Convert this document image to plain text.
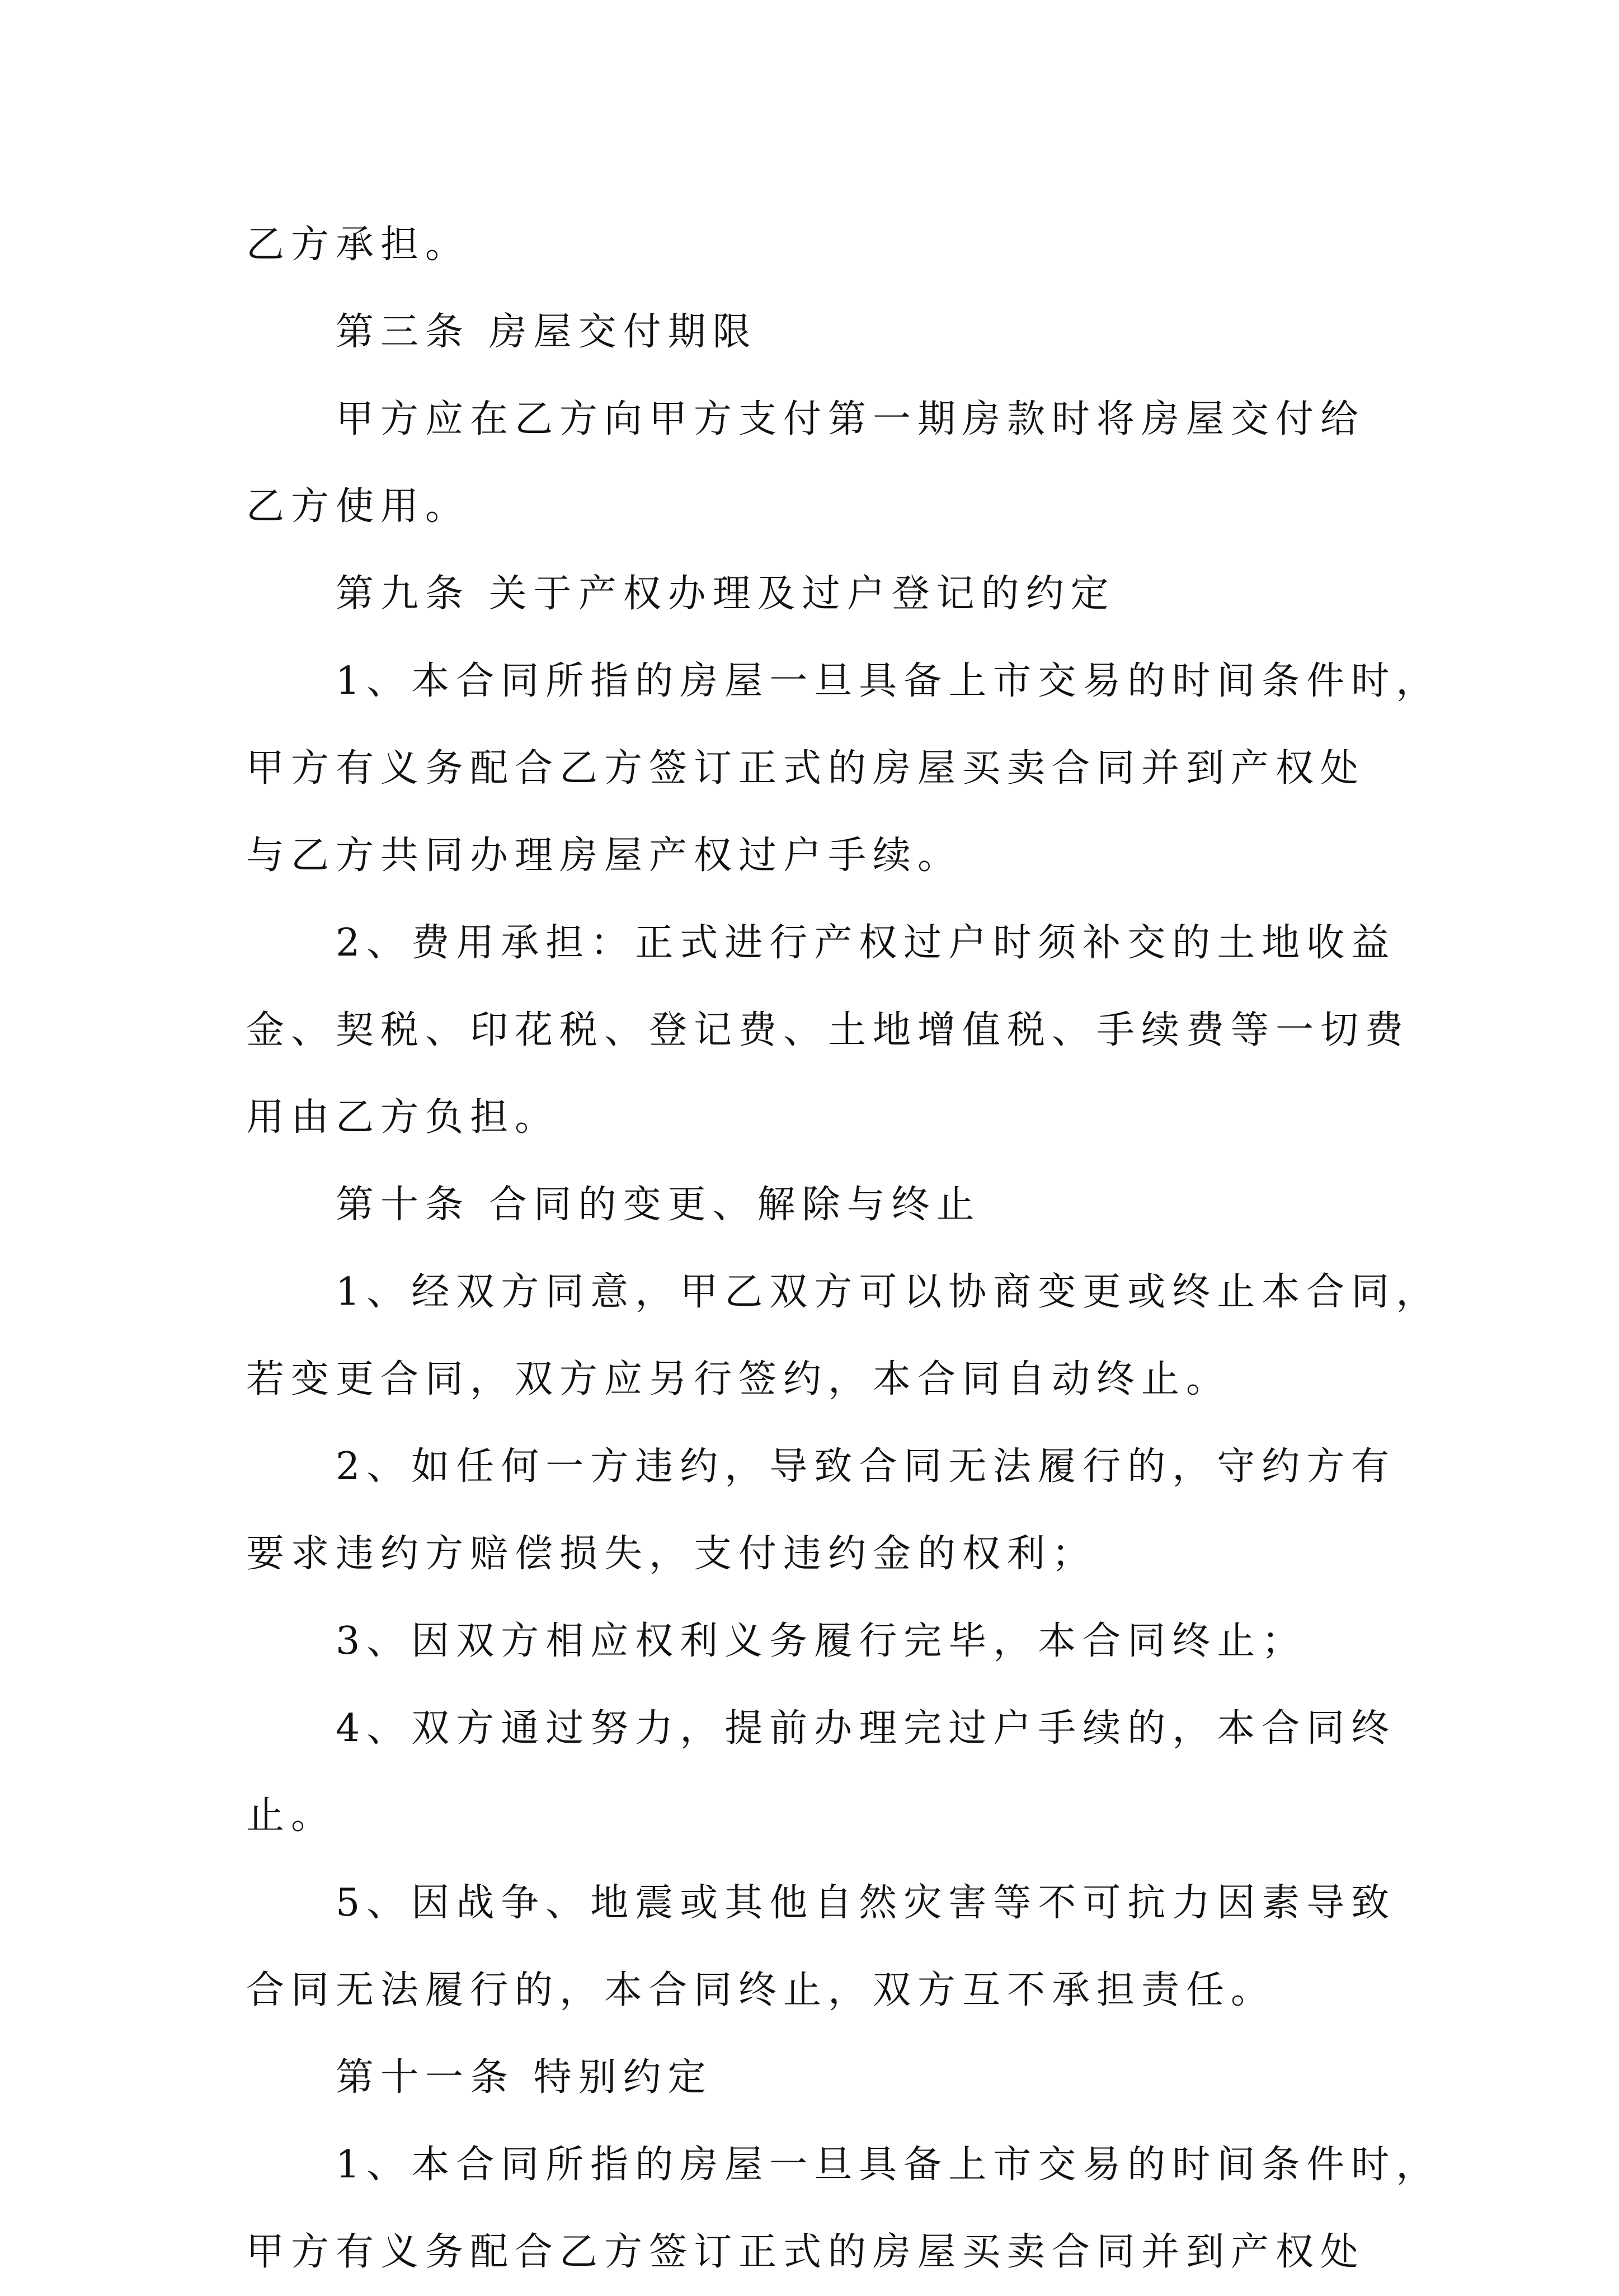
乙方承担。
第三条 房屋交付期限
甲方应在乙方向甲方支付第一期房款时将房屋交付给
乙方使用。
第九条 关于产权办理及过户登记的约定
1、本合同所指的房屋一旦具备上市交易的时间条件时，
甲方有义务配合乙方签订正式的房屋买卖合同并到产权处
与乙方共同办理房屋产权过户手续。
2、费用承担：正式进行产权过户时须补交的土地收益
金、契税、印花税、登记费、土地增值税、手续费等一切费
用由乙方负担。
第十条 合同的变更、解除与终止
1、经双方同意，甲乙双方可以协商变更或终止本合同，
若变更合同，双方应另行签约，本合同自动终止。
2、如任何一方违约，导致合同无法履行的，守约方有
要求违约方赔偿损失，支付违约金的权利；
3、因双方相应权利义务履行完毕，本合同终止；
4、双方通过努力，提前办理完过户手续的，本合同终
止。
5、因战争、地震或其他自然灾害等不可抗力因素导致
合同无法履行的，本合同终止，双方互不承担责任。
第十一条 特别约定
1、本合同所指的房屋一旦具备上市交易的时间条件时，
甲方有义务配合乙方签订正式的房屋买卖合同并到产权处
